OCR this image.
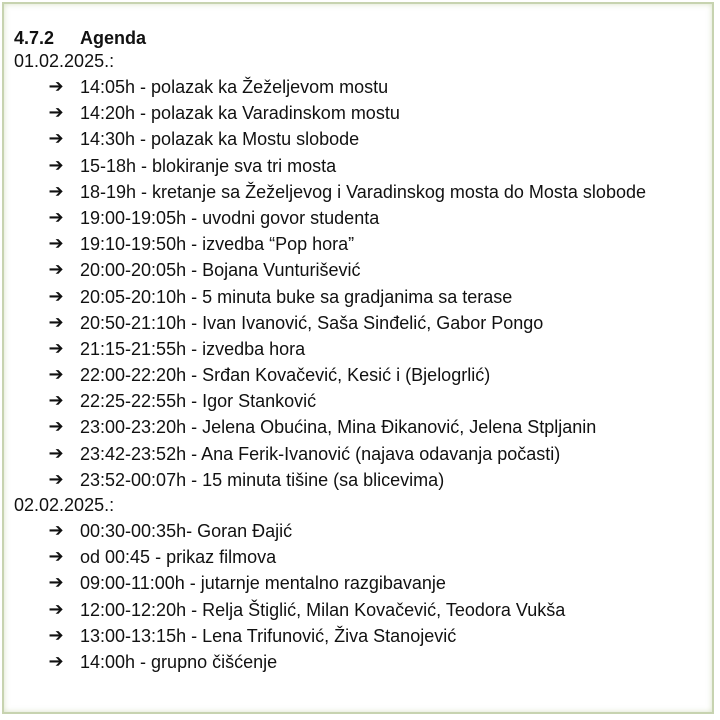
4.7.2 Agenda
01.02.2025.:
➔ 14:05h - polazak ka Žeželjevom mostu
➔ 14:20h - polazak ka Varadinskom mostu
➔ 14:30h - polazak ka Mostu slobode
➔ 15-18h - blokiranje sva tri mosta
➔ 18-19h - kretanje sa Žeželjevog i Varadinskog mosta do Mosta slobode
➔ 19:00-19:05h - uvodni govor studenta
➔ 19:10-19:50h - izvedba “Pop hora”
➔ 20:00-20:05h - Bojana Vunturišević
➔ 20:05-20:10h - 5 minuta buke sa gradjanima sa terase
➔ 20:50-21:10h - Ivan Ivanović, Saša Sinđelić, Gabor Pongo
➔ 21:15-21:55h - izvedba hora
➔ 22:00-22:20h - Srđan Kovačević, Kesić i (Bjelogrlić)
➔ 22:25-22:55h - Igor Stanković
➔ 23:00-23:20h - Jelena Obućina, Mina Đikanović, Jelena Stpljanin
➔ 23:42-23:52h - Ana Ferik-Ivanović (najava odavanja počasti)
➔ 23:52-00:07h - 15 minuta tišine (sa blicevima)
02.02.2025.:
➔ 00:30-00:35h- Goran Đajić
➔ od 00:45 - prikaz filmova
➔ 09:00-11:00h - jutarnje mentalno razgibavanje
➔ 12:00-12:20h - Relja Štiglić, Milan Kovačević, Teodora Vukša
➔ 13:00-13:15h - Lena Trifunović, Živa Stanojević
➔ 14:00h - grupno čišćenje
